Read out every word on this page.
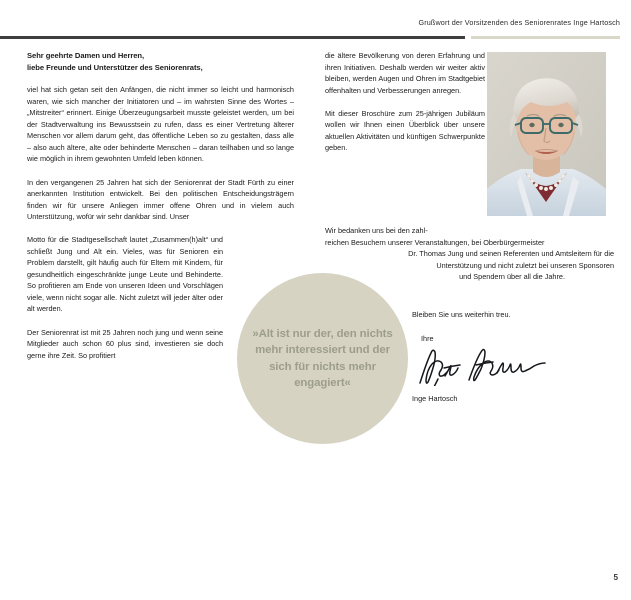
Grußwort der Vorsitzenden des Seniorenrates Inge Hartosch
Sehr geehrte Damen und Herren,
liebe Freunde und Unterstützer des Seniorenrats,

viel hat sich getan seit den Anfängen, die nicht immer so leicht und harmonisch waren, wie sich mancher der Initiatoren und – im wahrsten Sinne des Wortes – „Mitstreiter“ erinnert. Einige Überzeugungsarbeit musste geleistet werden, um bei der Stadtverwaltung ins Bewusstsein zu rufen, dass es einer Vertretung älterer Menschen vor allem darum geht, das öffentliche Leben so zu gestalten, dass alle – also auch ältere, alte oder behinderte Menschen – daran teilhaben und so lange wie möglich in ihrem gewohnten Umfeld leben können.

In den vergangenen 25 Jahren hat sich der Seniorenrat der Stadt Fürth zu einer anerkannten Institution entwickelt. Bei den politischen Entscheidungsträgern finden wir für unsere Anliegen immer offene Ohren und in vielem auch Unterstützung, wofür wir sehr dankbar sind. Unser

Motto für die Stadtgesellschaft lautet „Zusammen(h)alt“ und schließt Jung und Alt ein. Vieles, was für Senioren ein Problem darstellt, gilt häufig auch für Eltern mit Kindern, für gesundheitlich eingeschränkte junge Leute und Behinderte. So profitieren am Ende von unseren Ideen und Vorschlägen viele, wenn nicht sogar alle. Nicht zuletzt will jeder älter oder alt werden.

Der Seniorenrat ist mit 25 Jahren noch jung und wenn seine Mitglieder auch schon 60 plus sind, investieren sie doch gerne ihre Zeit. So profitiert

die ältere Bevölkerung von deren Erfahrung und ihren Initiativen. Deshalb werden wir weiter aktiv bleiben, werden Augen und Ohren im Stadtgebiet offenhalten und Verbesserungen anregen.

Mit dieser Broschüre zum 25-jährigen Jubiläum wollen wir Ihnen einen Überblick über unsere aktuellen Aktivitäten und künftigen Schwerpunkte geben.

Wir bedanken uns bei den zahl-
reichen Besuchern unserer Veranstaltungen, bei Oberbürgermeister
Dr. Thomas Jung und seinen Referenten und Amtsleitern für die
Unterstützung und nicht zuletzt bei unseren Sponsoren
und Spendern über all die Jahre.
»Alt ist nur der, den nichts mehr interessiert und der sich für nichts mehr engagiert«
Bleiben Sie uns weiterhin treu.
Ihre
Inge Hartosch
5
